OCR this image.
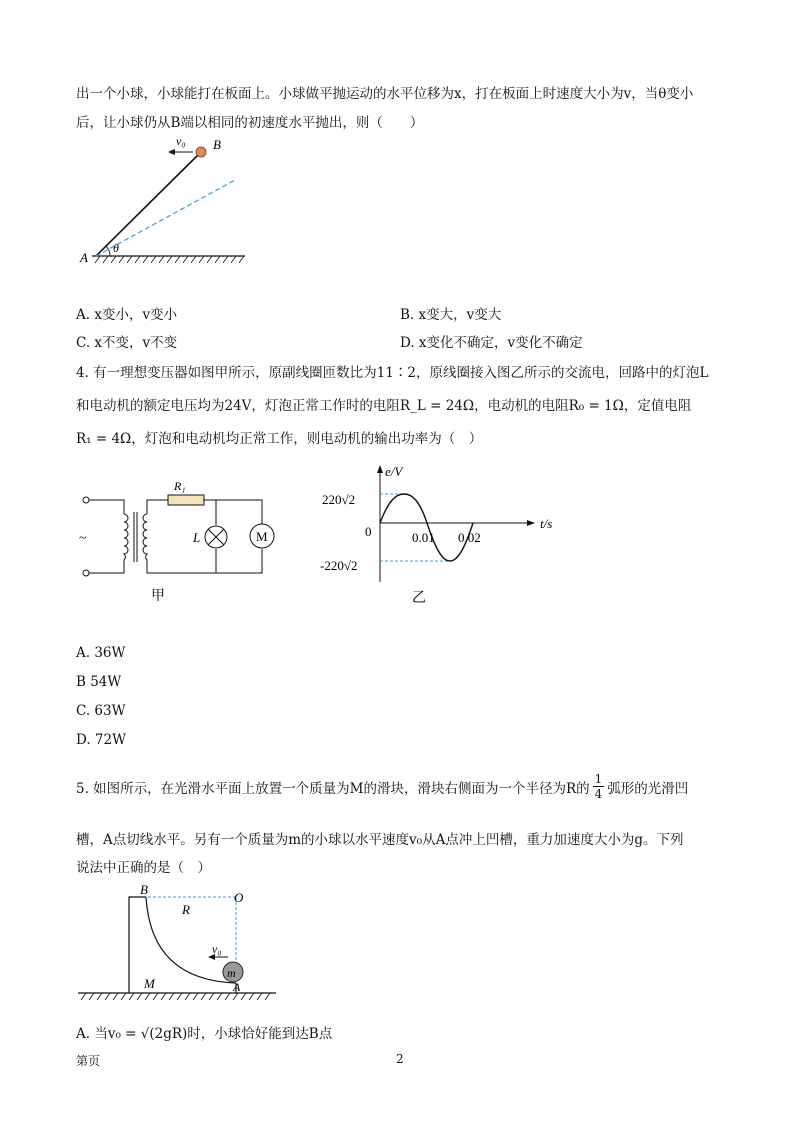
出一个小球，小球能打在板面上。小球做平抛运动的水平位移为x，打在板面上时速度大小为v，当θ变小
后，让小球仍从B端以相同的初速度水平抛出，则（　　）
v₀ B
A
θ
A. x变小，v变小	B. x变大，v变大
C. x不变，v不变	D. x变化不确定，v变化不确定
4. 有一理想变压器如图甲所示，原副线圈匝数比为11∶2，原线圈接入图乙所示的交流电，回路中的灯泡L
和电动机的额定电压均为24V，灯泡正常工作时的电阻R_L = 24Ω，电动机的电阻R₀ = 1Ω，定值电阻
R₁ = 4Ω，灯泡和电动机均正常工作，则电动机的输出功率为（　）
~
R₁
L	M
甲
e/V
t/s
0
220√2
-220√2
0.01 0.02
乙
A. 36W
B 54W
C. 63W
D. 72W
5. 如图所示，在光滑水平面上放置一个质量为M的滑块，滑块右侧面为一个半径为R的 $\frac{1}{4}$ 弧形的光滑凹
槽，A点切线水平。另有一个质量为m的小球以水平速度v₀从A点冲上凹槽，重力加速度大小为g。下列
说法中正确的是（　）
v₀
m
B
O
R
M	A
A. 当v₀ = √(2gR)时，小球恰好能到达B点
第页	2
